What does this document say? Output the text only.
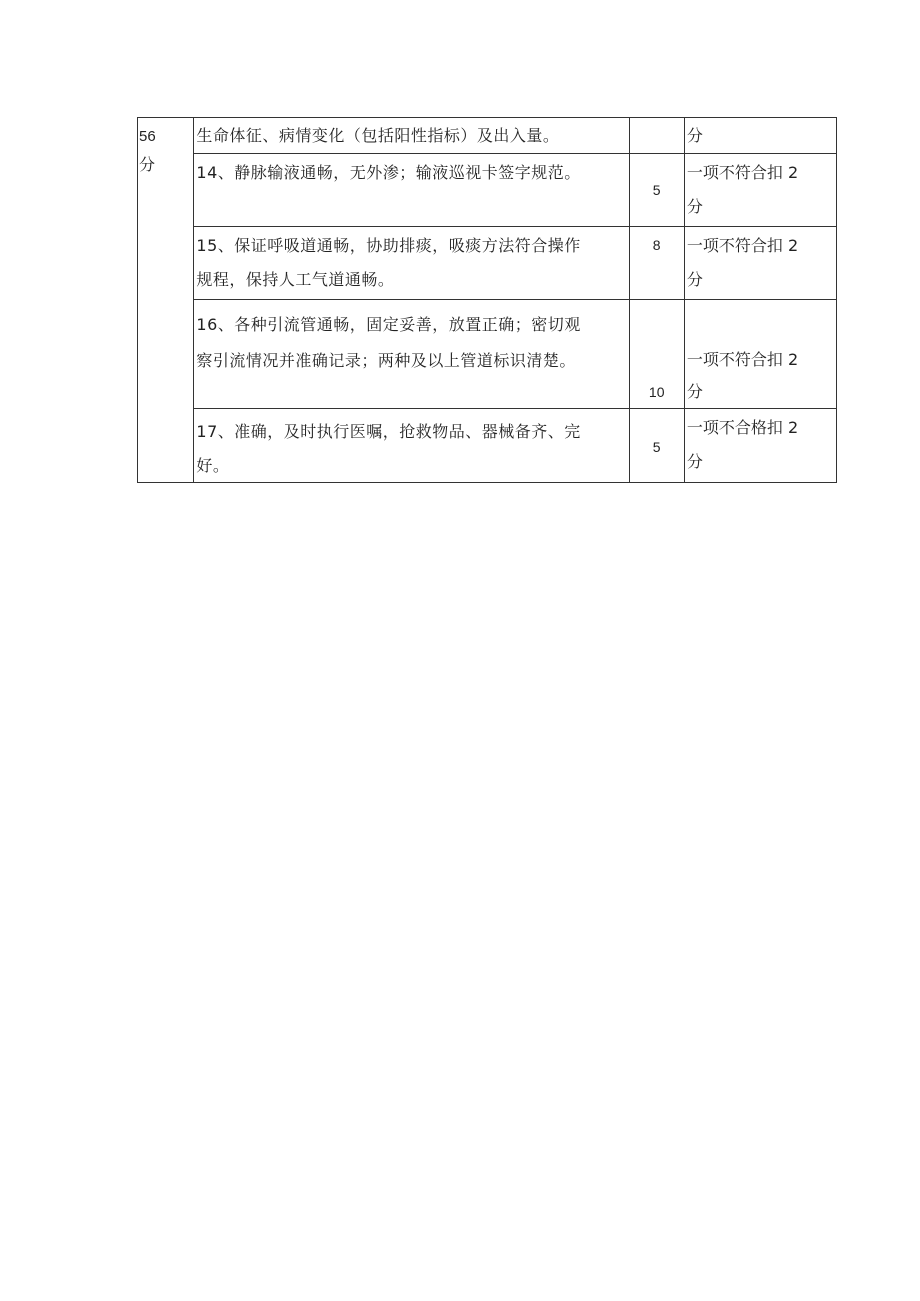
56
分	生命体征、病情变化（包括阳性指标）及出入量。		分

	14、静脉输液通畅，无外渗；输液巡视卡签字规范。	5	一项不符合扣 2
分

	15、保证呼吸道通畅，协助排痰，吸痰方法符合操作
规程，保持人工气道通畅。	8	一项不符合扣 2
分

	16、各种引流管通畅，固定妥善，放置正确；密切观
察引流情况并准确记录；两种及以上管道标识清楚。	10	一项不符合扣 2
分

	17、准确，及时执行医嘱，抢救物品、器械备齐、完
好。	5	一项不合格扣 2
分
